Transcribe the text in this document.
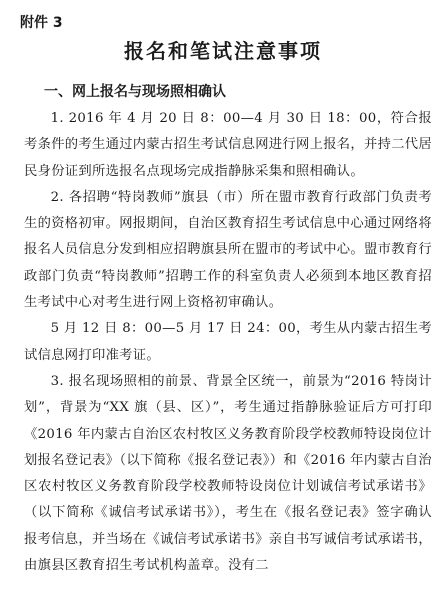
附件 3
报名和笔试注意事项
一、网上报名与现场照相确认

1. 2016 年 4 月 20 日 8：00—4 月 30 日 18：00，符合报考条件的考生通过内蒙古招生考试信息网进行网上报名，并持二代居民身份证到所选报名点现场完成指静脉采集和照相确认。

2. 各招聘“特岗教师”旗县（市）所在盟市教育行政部门负责考生的资格初审。网报期间，自治区教育招生考试信息中心通过网络将报名人员信息分发到相应招聘旗县所在盟市的考试中心。盟市教育行政部门负责“特岗教师”招聘工作的科室负责人必须到本地区教育招生考试中心对考生进行网上资格初审确认。

5 月 12 日 8：00—5 月 17 日 24：00，考生从内蒙古招生考试信息网打印准考证。

3. 报名现场照相的前景、背景全区统一，前景为“2016 特岗计划”，背景为“XX 旗（县、区）”，考生通过指静脉验证后方可打印《2016 年内蒙古自治区农村牧区义务教育阶段学校教师特设岗位计划报名登记表》（以下简称《报名登记表》）和《2016 年内蒙古自治区农村牧区义务教育阶段学校教师特设岗位计划诚信考试承诺书》（以下简称《诚信考试承诺书》），考生在《报名登记表》签字确认报考信息，并当场在《诚信考试承诺书》亲自书写诚信考试承诺书，由旗县区教育招生考试机构盖章。没有二
